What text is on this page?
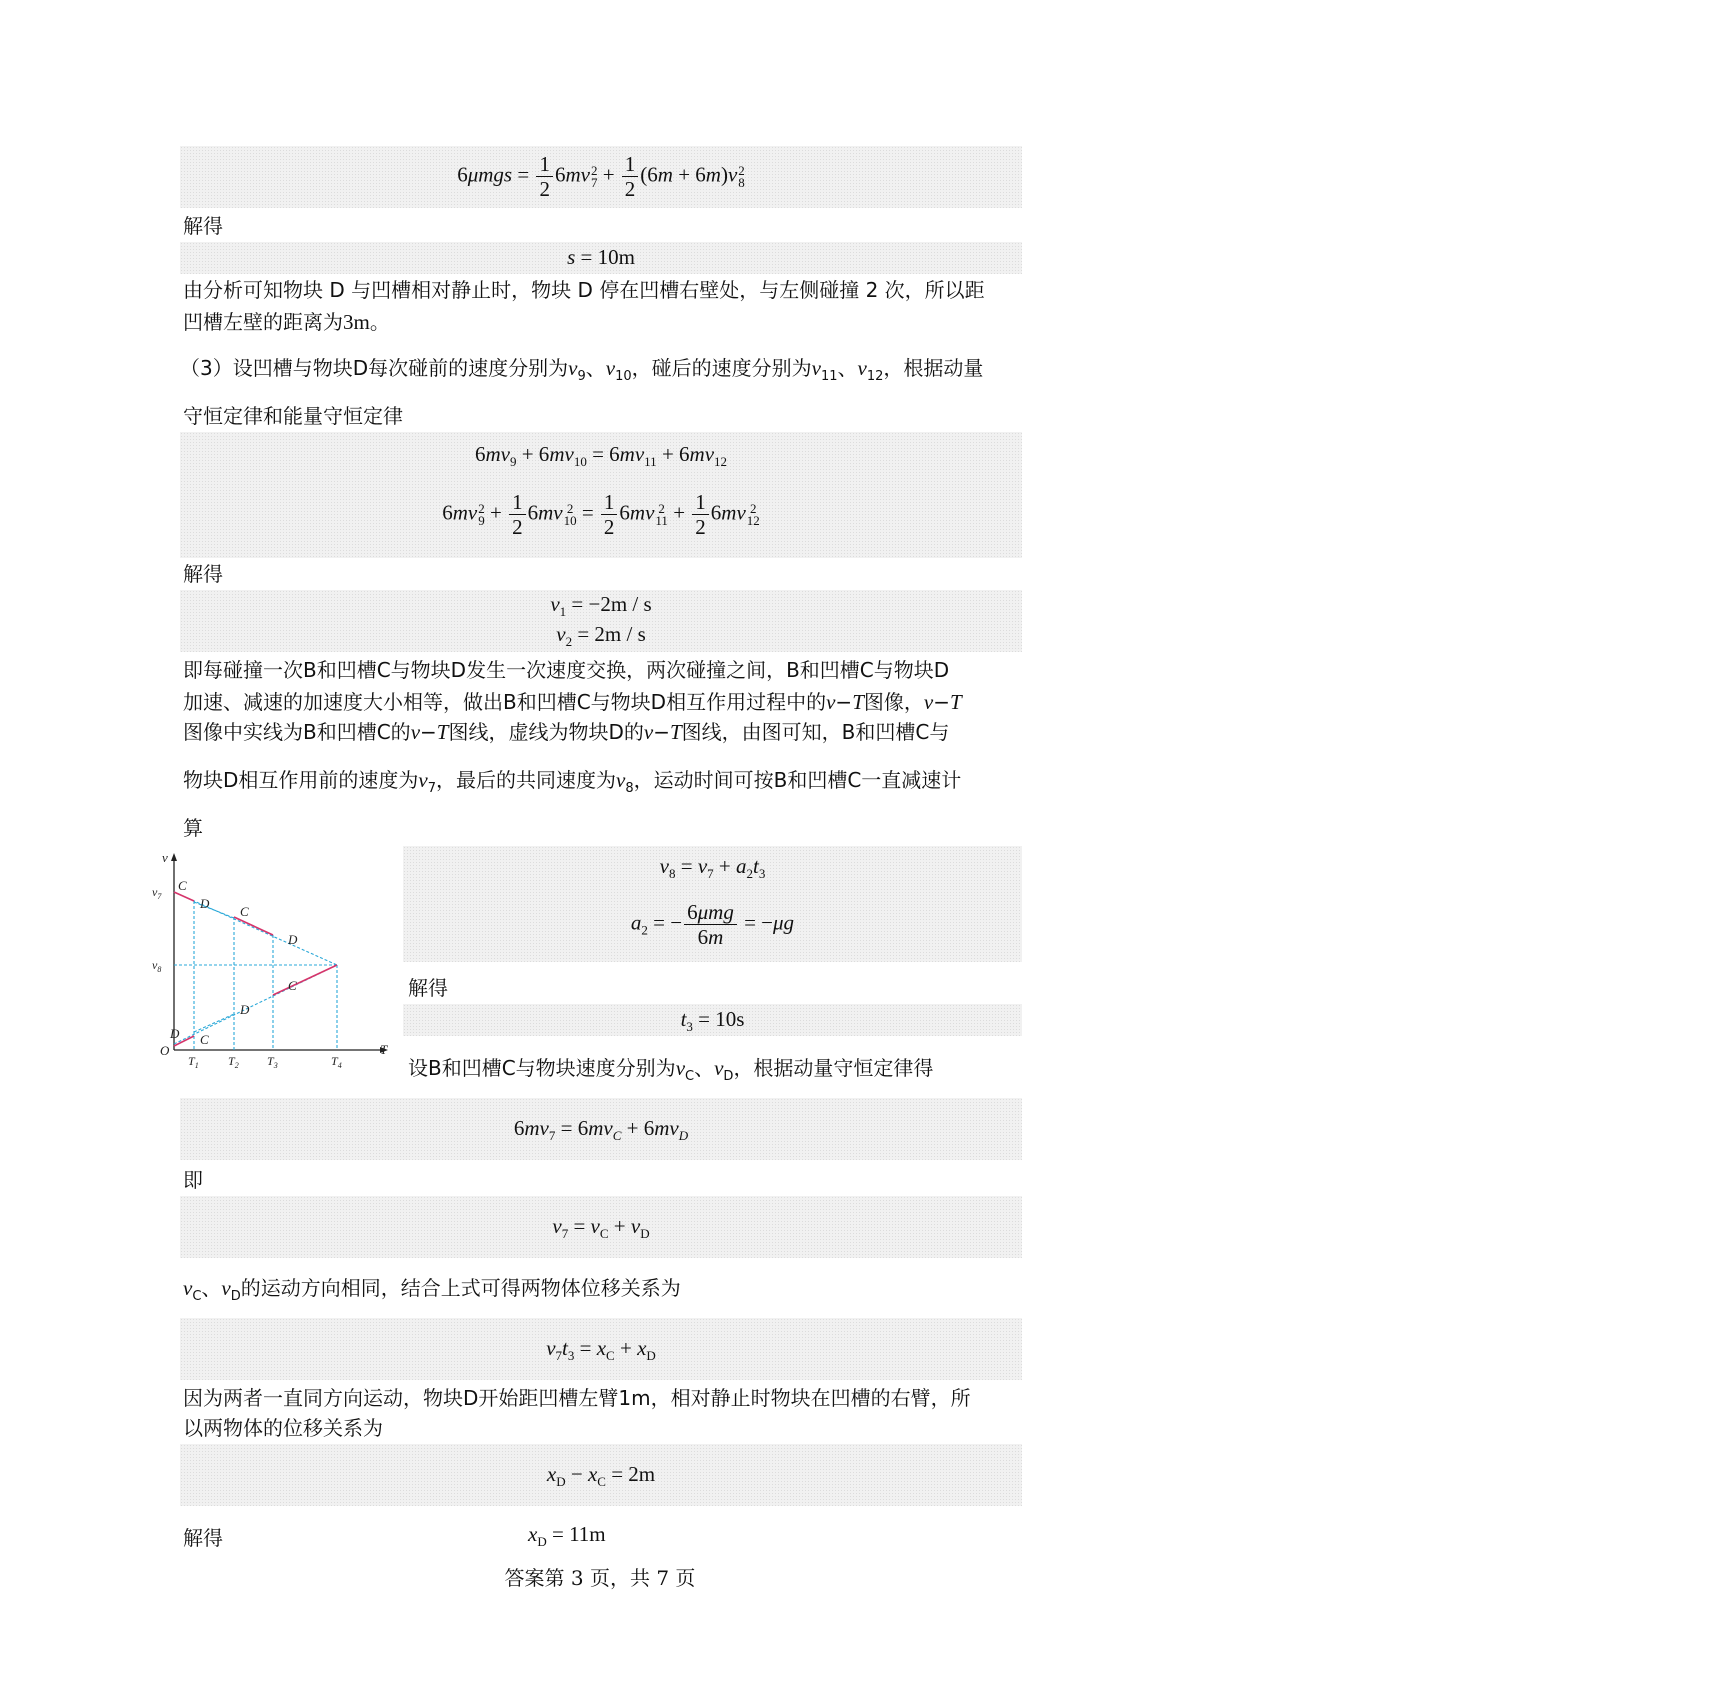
$6\mu mgs = \frac{1}{2} 6mv$ 2
$7 + \frac{1}{2} (6m + 6m)v$ 2
8
解得
s = 10m
由分析可知物块 D 与凹槽相对静止时，物块 D 停在凹槽右壁处，与左侧碰撞 2 次，所以距
凹槽左壁的距离为3m。
（3）设凹槽与物块D每次碰前的速度分别为$v_9$、$v_{10}$，碰后的速度分别为$v_{11}$、$v_{12}$，根据动量
守恒定律和能量守恒定律
$6mv_9 + 6mv_{10} = 6mv_{11} + 6mv_{12}$
6mv 2
$9 + \frac{1}{2} 6mv$ 2
$10 = \frac{1}{2} 6mv$ 2
$11 + \frac{1}{2} 6mv$ 2
12
解得
$v_1 = -2m / s$
$v_2 = 2m / s$
即每碰撞一次B和凹槽C与物块D发生一次速度交换，两次碰撞之间，B和凹槽C与物块D
加速、减速的加速度大小相等，做出B和凹槽C与物块D相互作用过程中的v−T图像，v−T
图像中实线为B和凹槽C的v−T图线，虚线为物块D的v−T图线，由图可知，B和凹槽C与
物块D相互作用前的速度为$v_7$，最后的共同速度为$v_8$，运动时间可按B和凹槽C一直减速计
算
v
T
O
$v_7$
$v_8$
$T_1$ $T_2$ $T_3$	$T_4$
C
D
C
D
C
D
D C
$v_8 = v_7 + a_2t_3$
$a_2$ = − $\frac{\text{6μmg}}{6m} = -\mu g$
解得
$t_3 = 10s$
设B和凹槽C与物块速度分别为$v_C$、$v_D$，根据动量守恒定律得
$6mv_7 = 6mv_C + 6mv_D$
即
$v_7 = v_C + v_D$
$v_C$、$v_D$的运动方向相同，结合上式可得两物体位移关系为
$v_7t_3 = x_C + x_D$
因为两者一直同方向运动，物块D开始距凹槽左臂1m，相对静止时物块在凹槽的右臂，所
以两物体的位移关系为
$x_D - x_C = 2m$
解得	$x_D = 11m$
答案第 3 页，共 7 页
